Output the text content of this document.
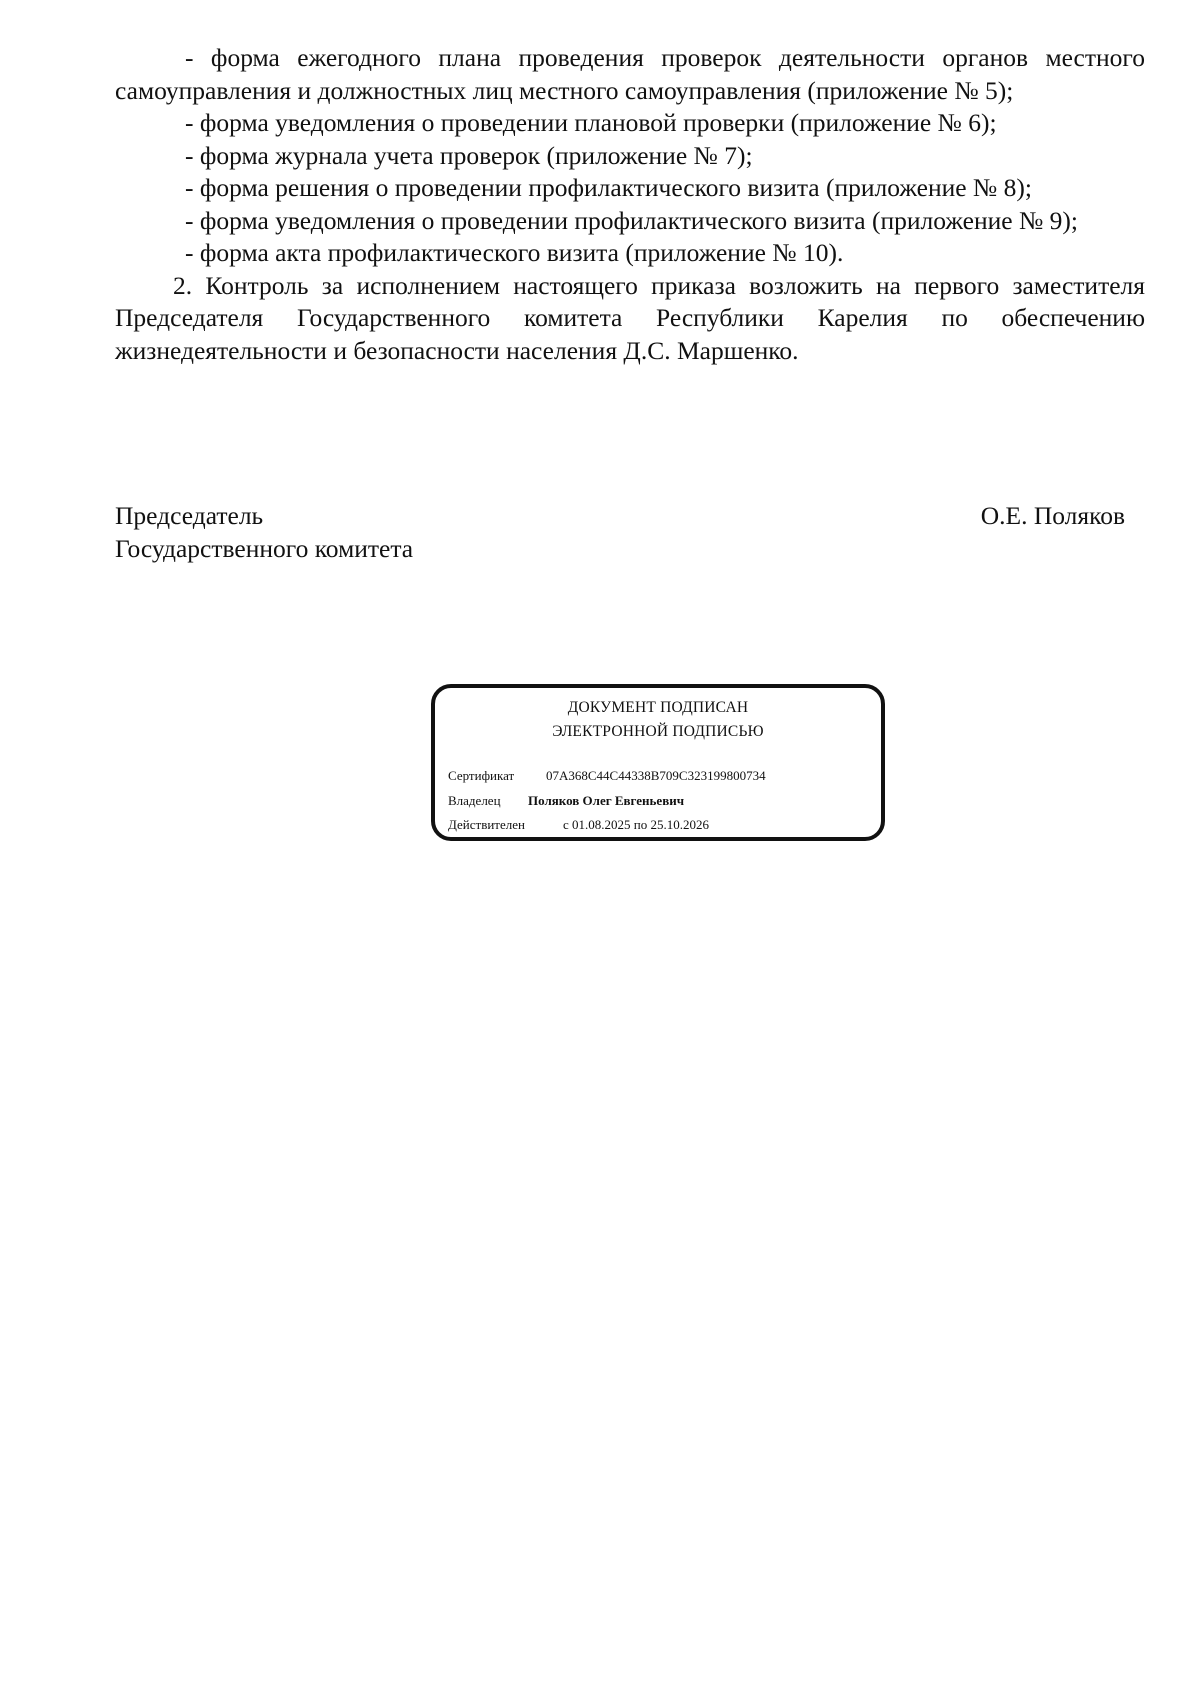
- форма ежегодного плана проведения проверок деятельности органов местного самоуправления и должностных лиц местного самоуправления (приложение № 5);

- форма уведомления о проведении плановой проверки (приложение № 6);

- форма журнала учета проверок (приложение № 7);

- форма решения о проведении профилактического визита (приложение № 8);

- форма уведомления о проведении профилактического визита (приложение № 9);

- форма акта профилактического визита (приложение № 10).

2. Контроль за исполнением настоящего приказа возложить на первого заместителя Председателя Государственного комитета Республики Карелия по обеспечению жизнедеятельности и безопасности населения Д.С. Маршенко.

Председатель
Государственного комитета
О.Е. Поляков
ДОКУМЕНТ ПОДПИСАН
ЭЛЕКТРОННОЙ ПОДПИСЬЮ
Сертификат 07A368C44C44338B709C323199800734
Владелец Поляков Олег Евгеньевич
Действителен	с 01.08.2025 по 25.10.2026
